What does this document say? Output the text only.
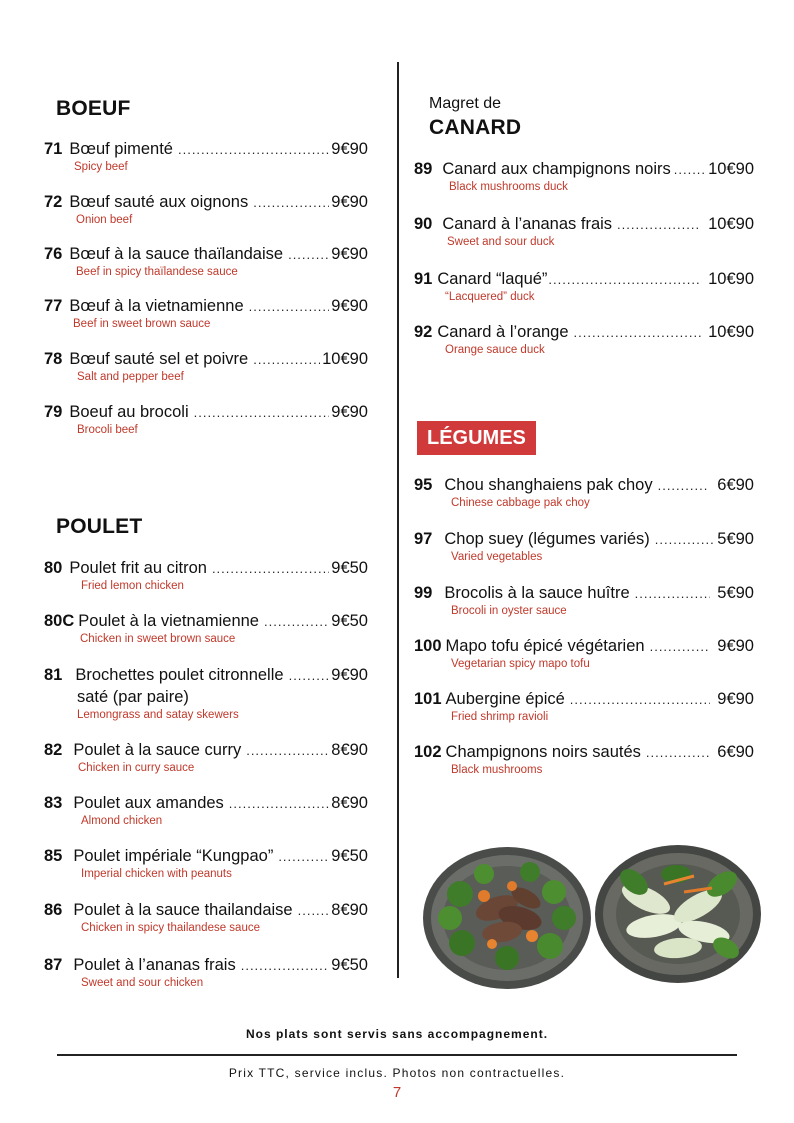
BOEUF
71 Bœuf pimenté .....	9€90
Spicy beef
72 Bœuf sauté aux oignons .....	9€90
Onion beef
76 Bœuf à la sauce thaïlandaise .....	9€90
Beef in spicy thaïlandese sauce
77 Bœuf à la vietnamienne .....	9€90
Beef in sweet brown sauce
78 Bœuf sauté sel et poivre .....	10€90
Salt and pepper beef
79 Boeuf au brocoli .....	9€90
Brocoli beef
POULET
80 Poulet frit au citron .....	9€50
Fried lemon chicken
80C Poulet à la vietnamienne .....	9€50
Chicken in sweet brown sauce
81 Brochettes poulet citronnelle .....	9€90
saté (par paire)
Lemongrass and satay skewers
82 Poulet à la sauce curry .....	8€90
Chicken in curry sauce
83 Poulet aux amandes .....	8€90
Almond chicken
85 Poulet impériale “Kungpao” .....	9€50
Imperial chicken with peanuts
86 Poulet à la sauce thailandaise ..... 8€90
Chicken in spicy thailandese sauce
87 Poulet à l’ananas frais .....	9€50
Sweet and sour chicken
Magret de
CANARD
89 Canard aux champignons noirs ..... 10€90
Black mushrooms duck
90 Canard à l’ananas frais .....	10€90
Sweet and sour duck
91 Canard “laqué” .....	10€90
“Lacquered” duck
92 Canard à l’orange .....	10€90
Orange sauce duck
LÉGUMES
95 Chou shanghaiens pak choy .....	6€90
Chinese cabbage pak choy
97 Chop suey (légumes variés) .....	5€90
Varied vegetables
99 Brocolis à la sauce huître .....	5€90
Brocoli in oyster sauce
100 Mapo tofu épicé végétarien .....	9€90
Vegetarian spicy mapo tofu
101 Aubergine épicé .....	9€90
Fried shrimp ravioli
102 Champignons noirs sautés .....	6€90
Black mushrooms
Nos plats sont servis sans accompagnement.
Prix TTC, service inclus. Photos non contractuelles.
7
